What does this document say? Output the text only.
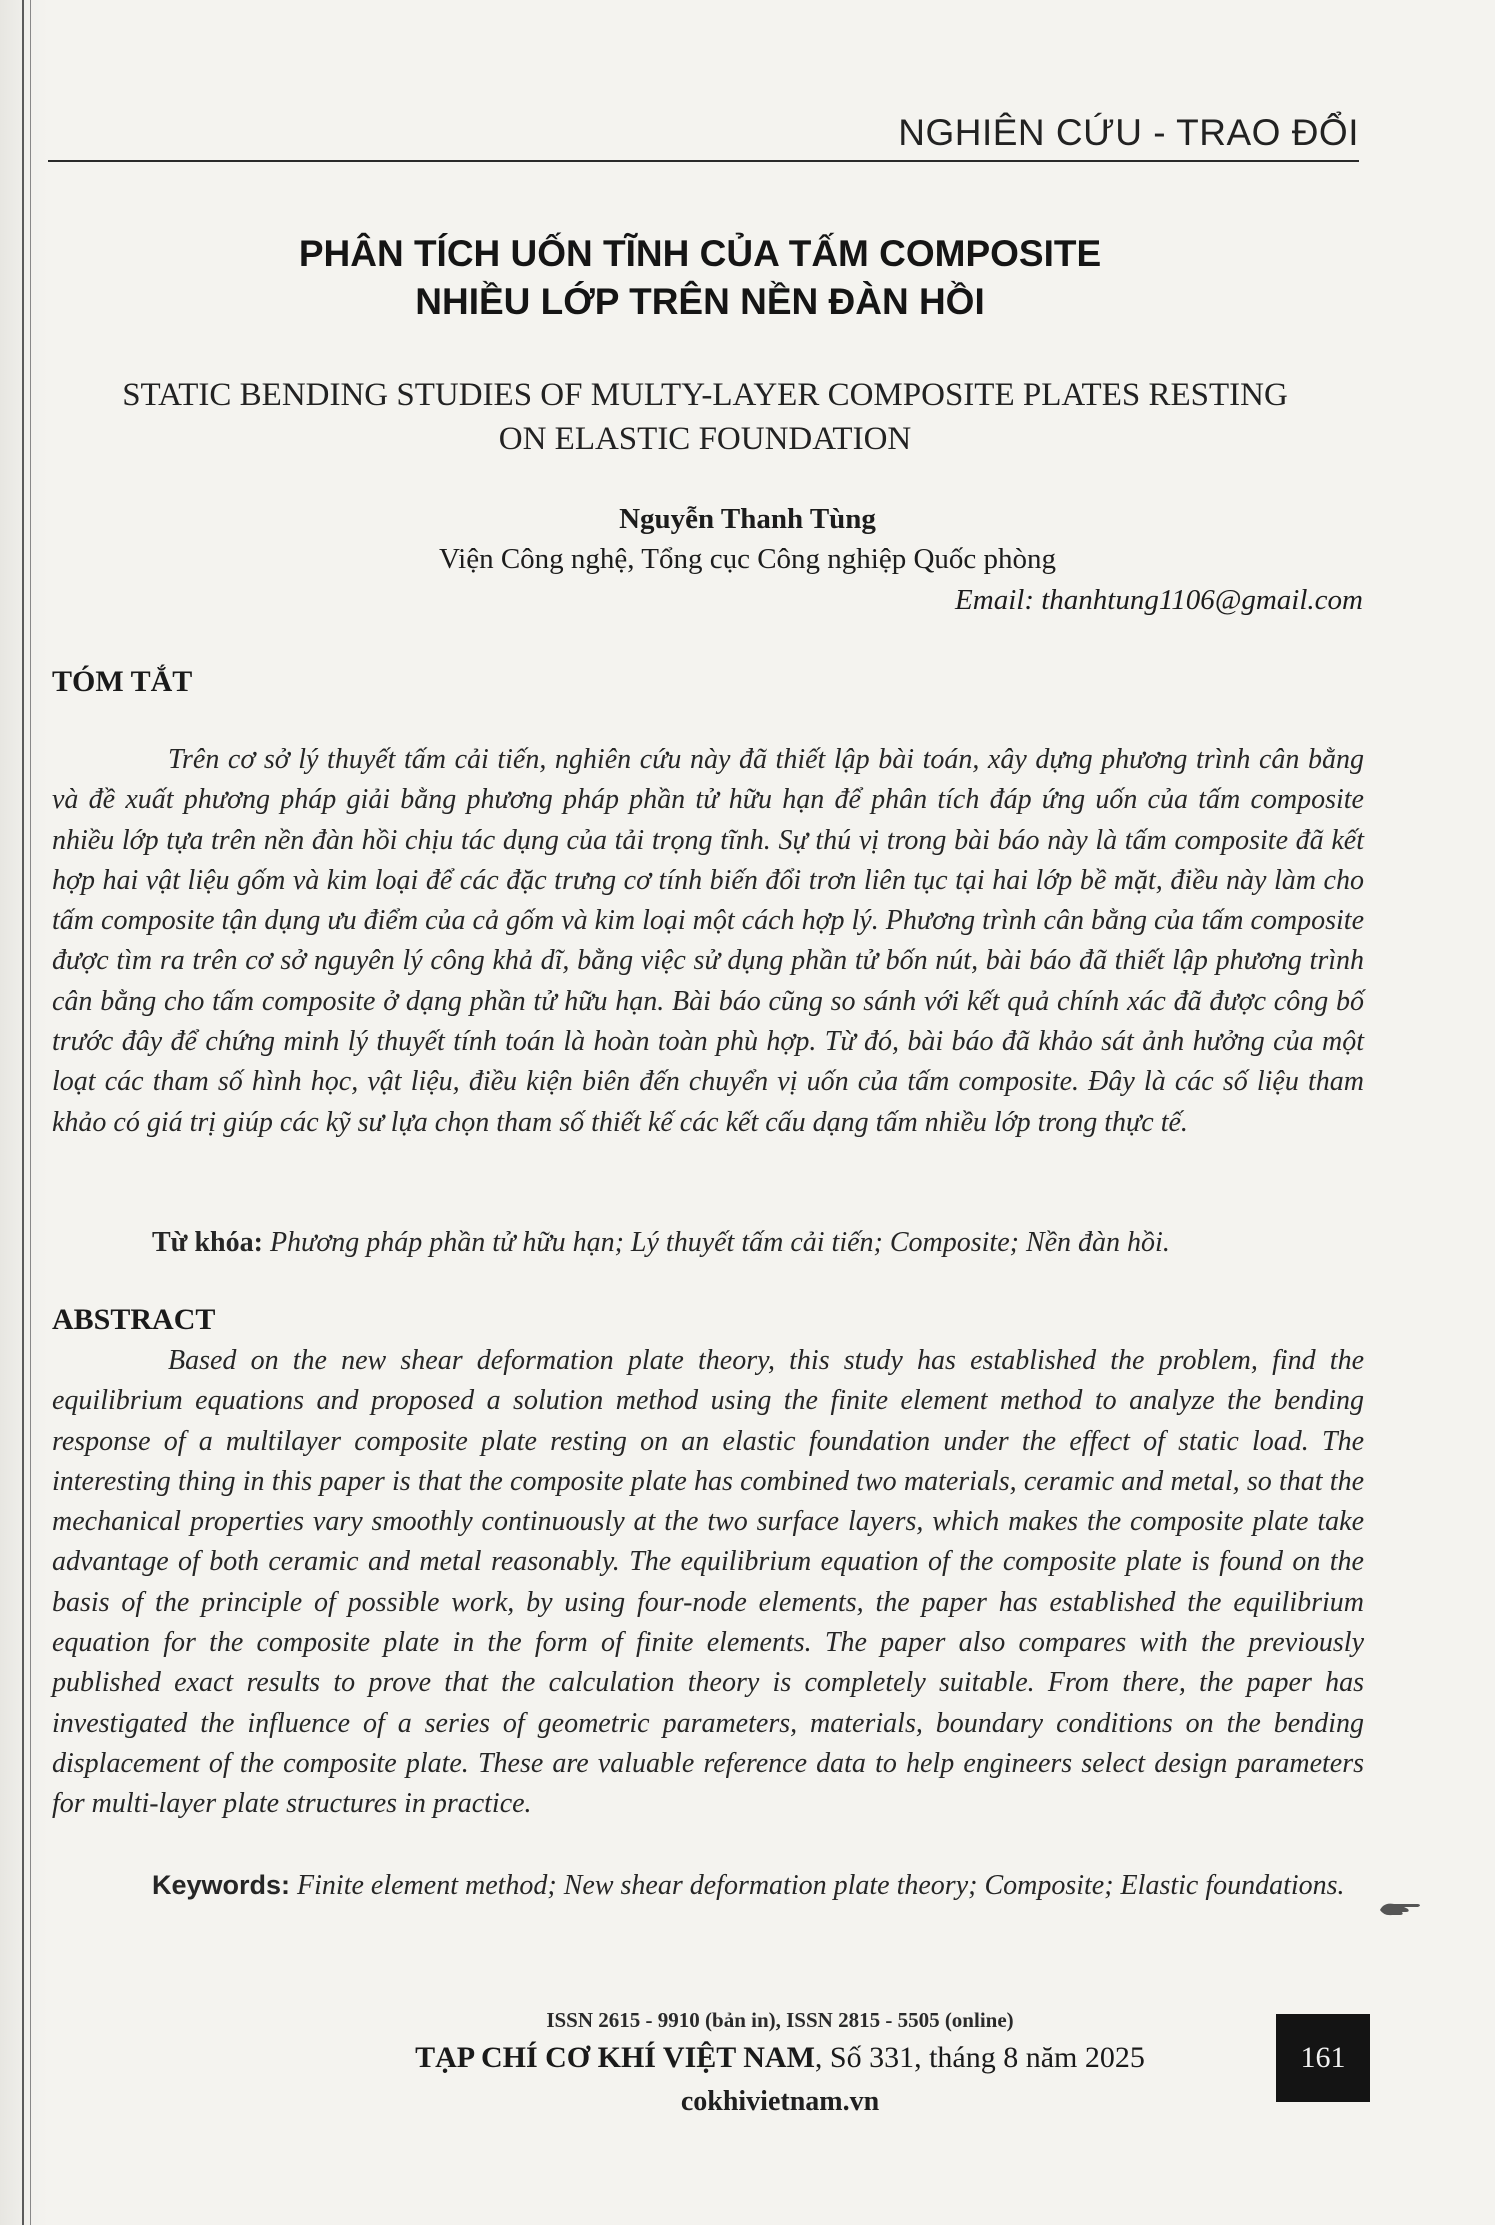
NGHIÊN CỨU - TRAO ĐỔI
PHÂN TÍCH UỐN TĨNH CỦA TẤM COMPOSITE
NHIỀU LỚP TRÊN NỀN ĐÀN HỒI
STATIC BENDING STUDIES OF MULTY-LAYER COMPOSITE PLATES RESTING
ON ELASTIC FOUNDATION
Nguyễn Thanh Tùng
Viện Công nghệ, Tổng cục Công nghiệp Quốc phòng
Email: thanhtung1106@gmail.com
TÓM TẮT

Trên cơ sở lý thuyết tấm cải tiến, nghiên cứu này đã thiết lập bài toán, xây dựng phương trình cân bằng và đề xuất phương pháp giải bằng phương pháp phần tử hữu hạn để phân tích đáp ứng uốn của tấm composite nhiều lớp tựa trên nền đàn hồi chịu tác dụng của tải trọng tĩnh. Sự thú vị trong bài báo này là tấm composite đã kết hợp hai vật liệu gốm và kim loại để các đặc trưng cơ tính biến đổi trơn liên tục tại hai lớp bề mặt, điều này làm cho tấm composite tận dụng ưu điểm của cả gốm và kim loại một cách hợp lý. Phương trình cân bằng của tấm composite được tìm ra trên cơ sở nguyên lý công khả dĩ, bằng việc sử dụng phần tử bốn nút, bài báo đã thiết lập phương trình cân bằng cho tấm composite ở dạng phần tử hữu hạn. Bài báo cũng so sánh với kết quả chính xác đã được công bố trước đây để chứng minh lý thuyết tính toán là hoàn toàn phù hợp. Từ đó, bài báo đã khảo sát ảnh hưởng của một loạt các tham số hình học, vật liệu, điều kiện biên đến chuyển vị uốn của tấm composite. Đây là các số liệu tham khảo có giá trị giúp các kỹ sư lựa chọn tham số thiết kế các kết cấu dạng tấm nhiều lớp trong thực tế.

Từ khóa: Phương pháp phần tử hữu hạn; Lý thuyết tấm cải tiến; Composite; Nền đàn hồi.

ABSTRACT

Based on the new shear deformation plate theory, this study has established the problem, find the equilibrium equations and proposed a solution method using the finite element method to analyze the bending response of a multilayer composite plate resting on an elastic foundation under the effect of static load. The interesting thing in this paper is that the composite plate has combined two materials, ceramic and metal, so that the mechanical properties vary smoothly continuously at the two surface layers, which makes the composite plate take advantage of both ceramic and metal reasonably. The equilibrium equation of the composite plate is found on the basis of the principle of possible work, by using four-node elements, the paper has established the equilibrium equation for the composite plate in the form of finite elements. The paper also compares with the previously published exact results to prove that the calculation theory is completely suitable. From there, the paper has investigated the influence of a series of geometric parameters, materials, boundary conditions on the bending displacement of the composite plate. These are valuable reference data to help engineers select design parameters for multi-layer plate structures in practice.

Keywords: Finite element method; New shear deformation plate theory; Composite; Elastic foundations.

ISSN 2615 - 9910 (bản in), ISSN 2815 - 5505 (online)
TẠP CHÍ CƠ KHÍ VIỆT NAM, Số 331, tháng 8 năm 2025
cokhivietnam.vn
161
